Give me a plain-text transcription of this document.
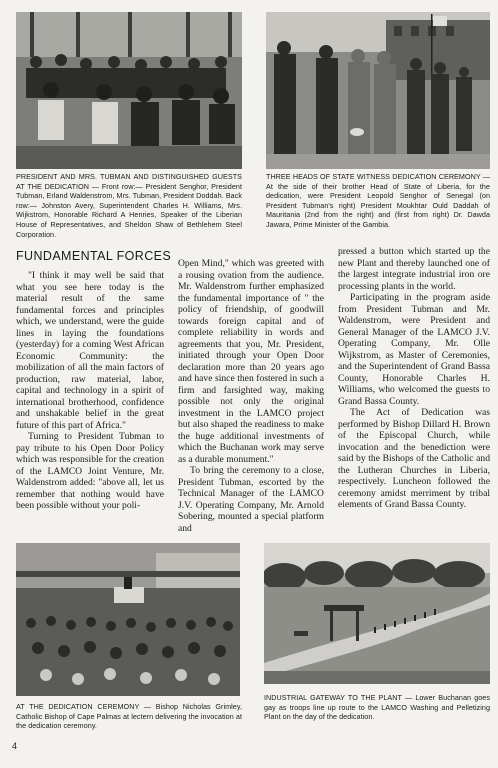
PRESIDENT AND MRS. TUBMAN AND DISTINGUISHED GUESTS AT THE DEDICATION — Front row:— President Senghor, President Tubman, Erland Waldenstrom, Mrs. Tubman, President Doddah. Back row:— Johnston Avery, Superintendent Charles H. Williams, Mrs. Wijkstrom, Honorable Richard A Henries, Speaker of the Liberian House of Representatives, and Sheldon Shaw of Bethlehem Steel Corporation.
THREE HEADS OF STATE WITNESS DEDICATION CEREMONY — At the side of their brother Head of State of Liberia, for the dedication, were President Leopold Senghor of Senegal (on President Tubman's right) President Moukhtar Ould Daddah of Mauritania (2nd from the right) and (first from right) Dr. Dawda Jawara, Prime Minister of the Gambia.
FUNDAMENTAL FORCES

"I think it may well be said that what you see here today is the material result of the same fundamental forces and principles which, we understand, were the guide lines in laying the foundations (yesterday) for a coming West African Economic Community: the mobilization of all the main factors of production, raw material, labor, capital and technology in a spirit of international brotherhood, confidence and unshakable belief in the great future of this part of Africa."

Turning to President Tubman to pay tribute to his Open Door Policy which was responsible for the creation of the LAMCO Joint Venture, Mr. Waldenstrom added: "above all, let us remember that nothing would have been possible without your poli-

Open Mind," which was greeted with a rousing ovation from the audience. Mr. Waldenstrom further emphasized the fundamental importance of " the policy of friendship, of goodwill towards foreign capital and of complete reliability in words and agreements that you, Mr. President, initiated through your Open Door declaration more than 20 years ago and have since then fostered in such a firm and farsighted way, making possible not only the original investment in the LAMCO project but also shaped the readiness to make the huge additional investments of which the Buchanan work may serve as a durable monument."

To bring the ceremony to a close, President Tubman, escorted by the Technical Manager of the LAMCO J.V. Operating Company, Mr. Arnold Sobering, mounted a special platform and

pressed a button which started up the new Plant and thereby launched one of the largest integrate industrial iron ore processing plants in the world.

Participating in the program aside from President Tubman and Mr. Waldenstrom, were President and General Manager of the LAMCO J.V. Operating Company, Mr. Olle Wijkstrom, as Master of Ceremonies, and the Superintendent of Grand Bassa County, Honorable Charles H. Williams, who welcomed the guests to Grand Bassa County.

The Act of Dedication was performed by Bishop Dillard H. Brown of the Episcopal Church, while invocation and the benediction were said by the Bishops of the Catholic and the Lutheran Churches in Liberia, respectively. Luncheon followed the ceremony amidst merriment by tribal elements of Grand Bassa County.

AT THE DEDICATION CEREMONY — Bishop Nicholas Grimley, Catholic Bishop of Cape Palmas at lectern delivering the invocation at the dedication ceremony.
INDUSTRIAL GATEWAY TO THE PLANT — Lower Buchanan goes gay as troops line up route to the LAMCO Washing and Pelletizing Plant on the day of the dedication.
4
